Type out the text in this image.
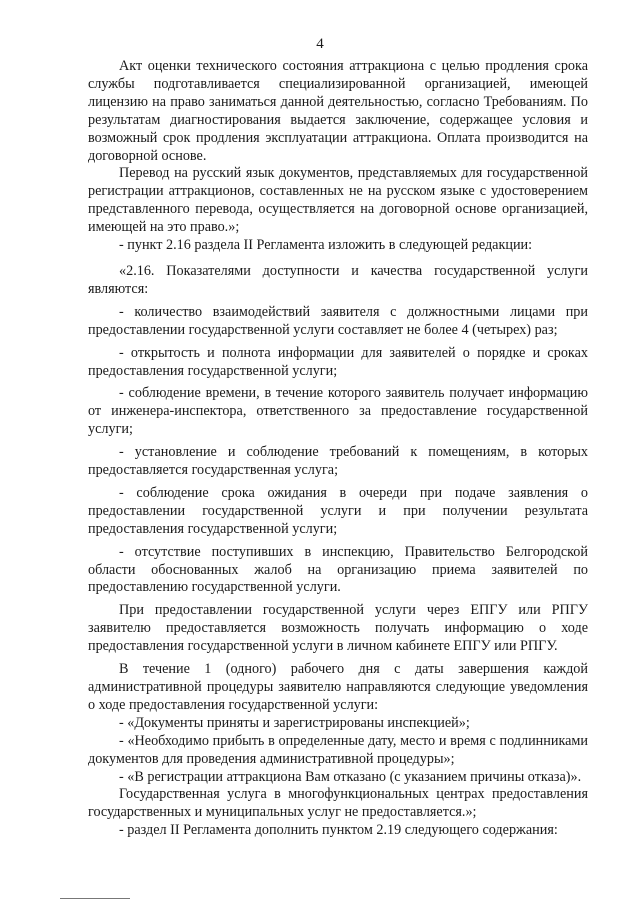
4

Акт оценки технического состояния аттракциона с целью продления срока службы подготавливается специализированной организацией, имеющей лицензию на право заниматься данной деятельностью, согласно Требованиям. По результатам диагностирования выдается заключение, содержащее условия и возможный срок продления эксплуатации аттракциона. Оплата производится на договорной основе.

Перевод на русский язык документов, представляемых для государственной регистрации аттракционов, составленных не на русском языке с удостоверением представленного перевода, осуществляется на договорной основе организацией, имеющей на это право.»;

- пункт 2.16 раздела II Регламента изложить в следующей редакции:

«2.16. Показателями доступности и качества государственной услуги являются:

- количество взаимодействий заявителя с должностными лицами при предоставлении государственной услуги составляет не более 4 (четырех) раз;

- открытость и полнота информации для заявителей о порядке и сроках предоставления государственной услуги;

- соблюдение времени, в течение которого заявитель получает информацию от инженера-инспектора, ответственного за предоставление государственной услуги;

- установление и соблюдение требований к помещениям, в которых предоставляется государственная услуга;

- соблюдение срока ожидания в очереди при подаче заявления о предоставлении государственной услуги и при получении результата предоставления государственной услуги;

- отсутствие поступивших в инспекцию, Правительство Белгородской области обоснованных жалоб на организацию приема заявителей по предоставлению государственной услуги.

При предоставлении государственной услуги через ЕПГУ или РПГУ заявителю предоставляется возможность получать информацию о ходе предоставления государственной услуги в личном кабинете ЕПГУ или РПГУ.

В течение 1 (одного) рабочего дня с даты завершения каждой административной процедуры заявителю направляются следующие уведомления о ходе предоставления государственной услуги:

- «Документы приняты и зарегистрированы инспекцией»;

- «Необходимо прибыть в определенные дату, место и время с подлинниками документов для проведения административной процедуры»;

- «В регистрации аттракциона Вам отказано (с указанием причины отказа)».

Государственная услуга в многофункциональных центрах предоставления государственных и муниципальных услуг не предоставляется.»;

- раздел II Регламента дополнить пунктом 2.19 следующего содержания:
